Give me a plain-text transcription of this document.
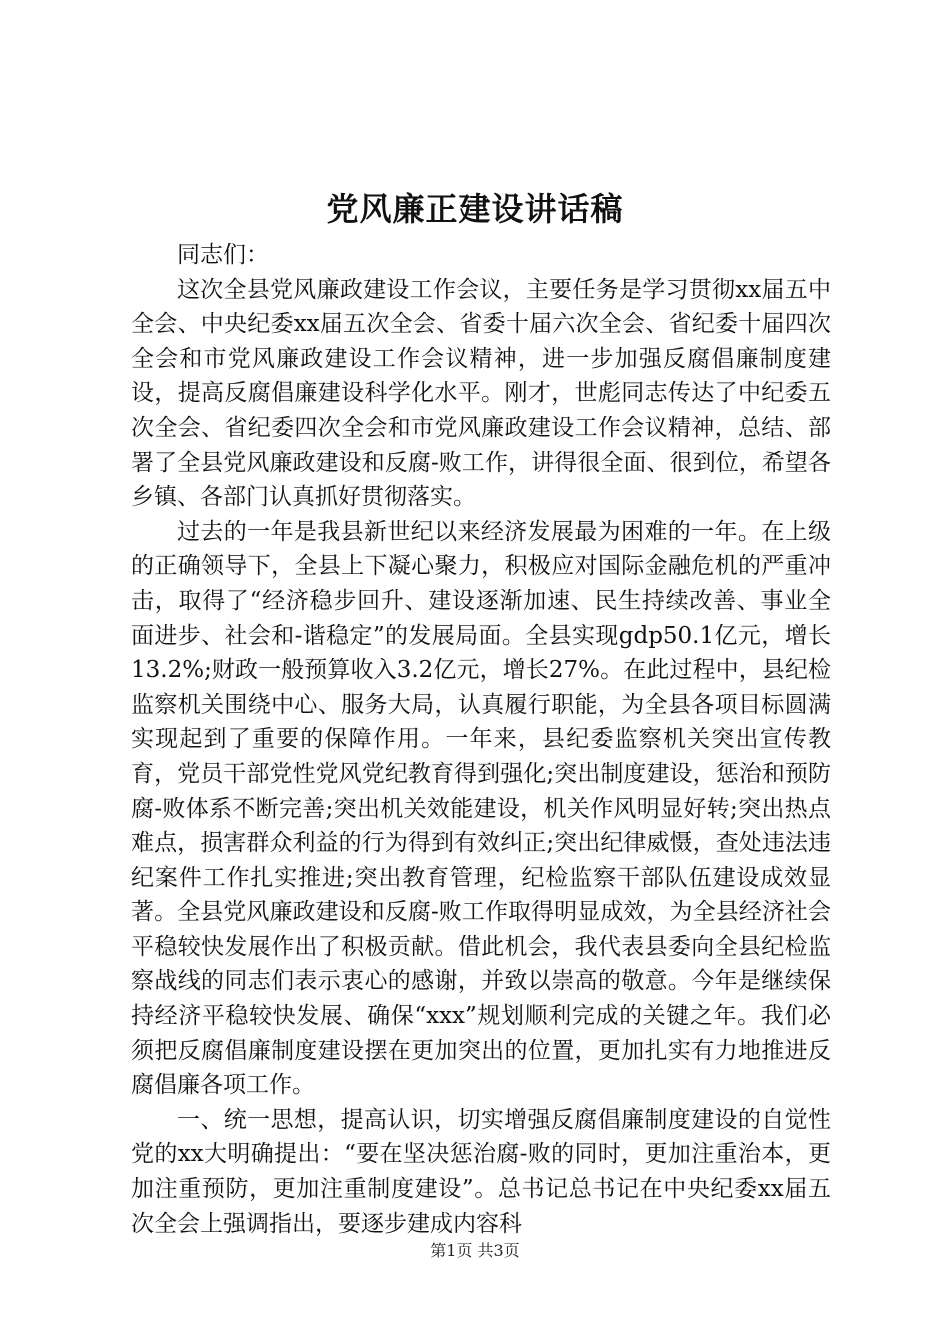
党风廉正建设讲话稿

同志们：

这次全县党风廉政建设工作会议，主要任务是学习贯彻xx届五中全会、中央纪委xx届五次全会、省委十届六次全会、省纪委十届四次全会和市党风廉政建设工作会议精神，进一步加强反腐倡廉制度建设，提高反腐倡廉建设科学化水平。刚才，世彪同志传达了中纪委五次全会、省纪委四次全会和市党风廉政建设工作会议精神，总结、部署了全县党风廉政建设和反腐-败工作，讲得很全面、很到位，希望各乡镇、各部门认真抓好贯彻落实。

过去的一年是我县新世纪以来经济发展最为困难的一年。在上级的正确领导下，全县上下凝心聚力，积极应对国际金融危机的严重冲击，取得了“经济稳步回升、建设逐渐加速、民生持续改善、事业全面进步、社会和-谐稳定”的发展局面。全县实现gdp50.1亿元，增长13.2%;财政一般预算收入3.2亿元，增长27%。在此过程中，县纪检监察机关围绕中心、服务大局，认真履行职能，为全县各项目标圆满实现起到了重要的保障作用。一年来，县纪委监察机关突出宣传教育，党员干部党性党风党纪教育得到强化;突出制度建设，惩治和预防腐-败体系不断完善;突出机关效能建设，机关作风明显好转;突出热点难点，损害群众利益的行为得到有效纠正;突出纪律威慑，查处违法违纪案件工作扎实推进;突出教育管理，纪检监察干部队伍建设成效显著。全县党风廉政建设和反腐-败工作取得明显成效，为全县经济社会平稳较快发展作出了积极贡献。借此机会，我代表县委向全县纪检监察战线的同志们表示衷心的感谢，并致以崇高的敬意。今年是继续保持经济平稳较快发展、确保“xxx”规划顺利完成的关键之年。我们必须把反腐倡廉制度建设摆在更加突出的位置，更加扎实有力地推进反腐倡廉各项工作。

一、统一思想，提高认识，切实增强反腐倡廉制度建设的自觉性党的xx大明确提出：“要在坚决惩治腐-败的同时，更加注重治本，更加注重预防，更加注重制度建设”。总书记总书记在中央纪委xx届五次全会上强调指出，要逐步建成内容科

第1页 共3页
